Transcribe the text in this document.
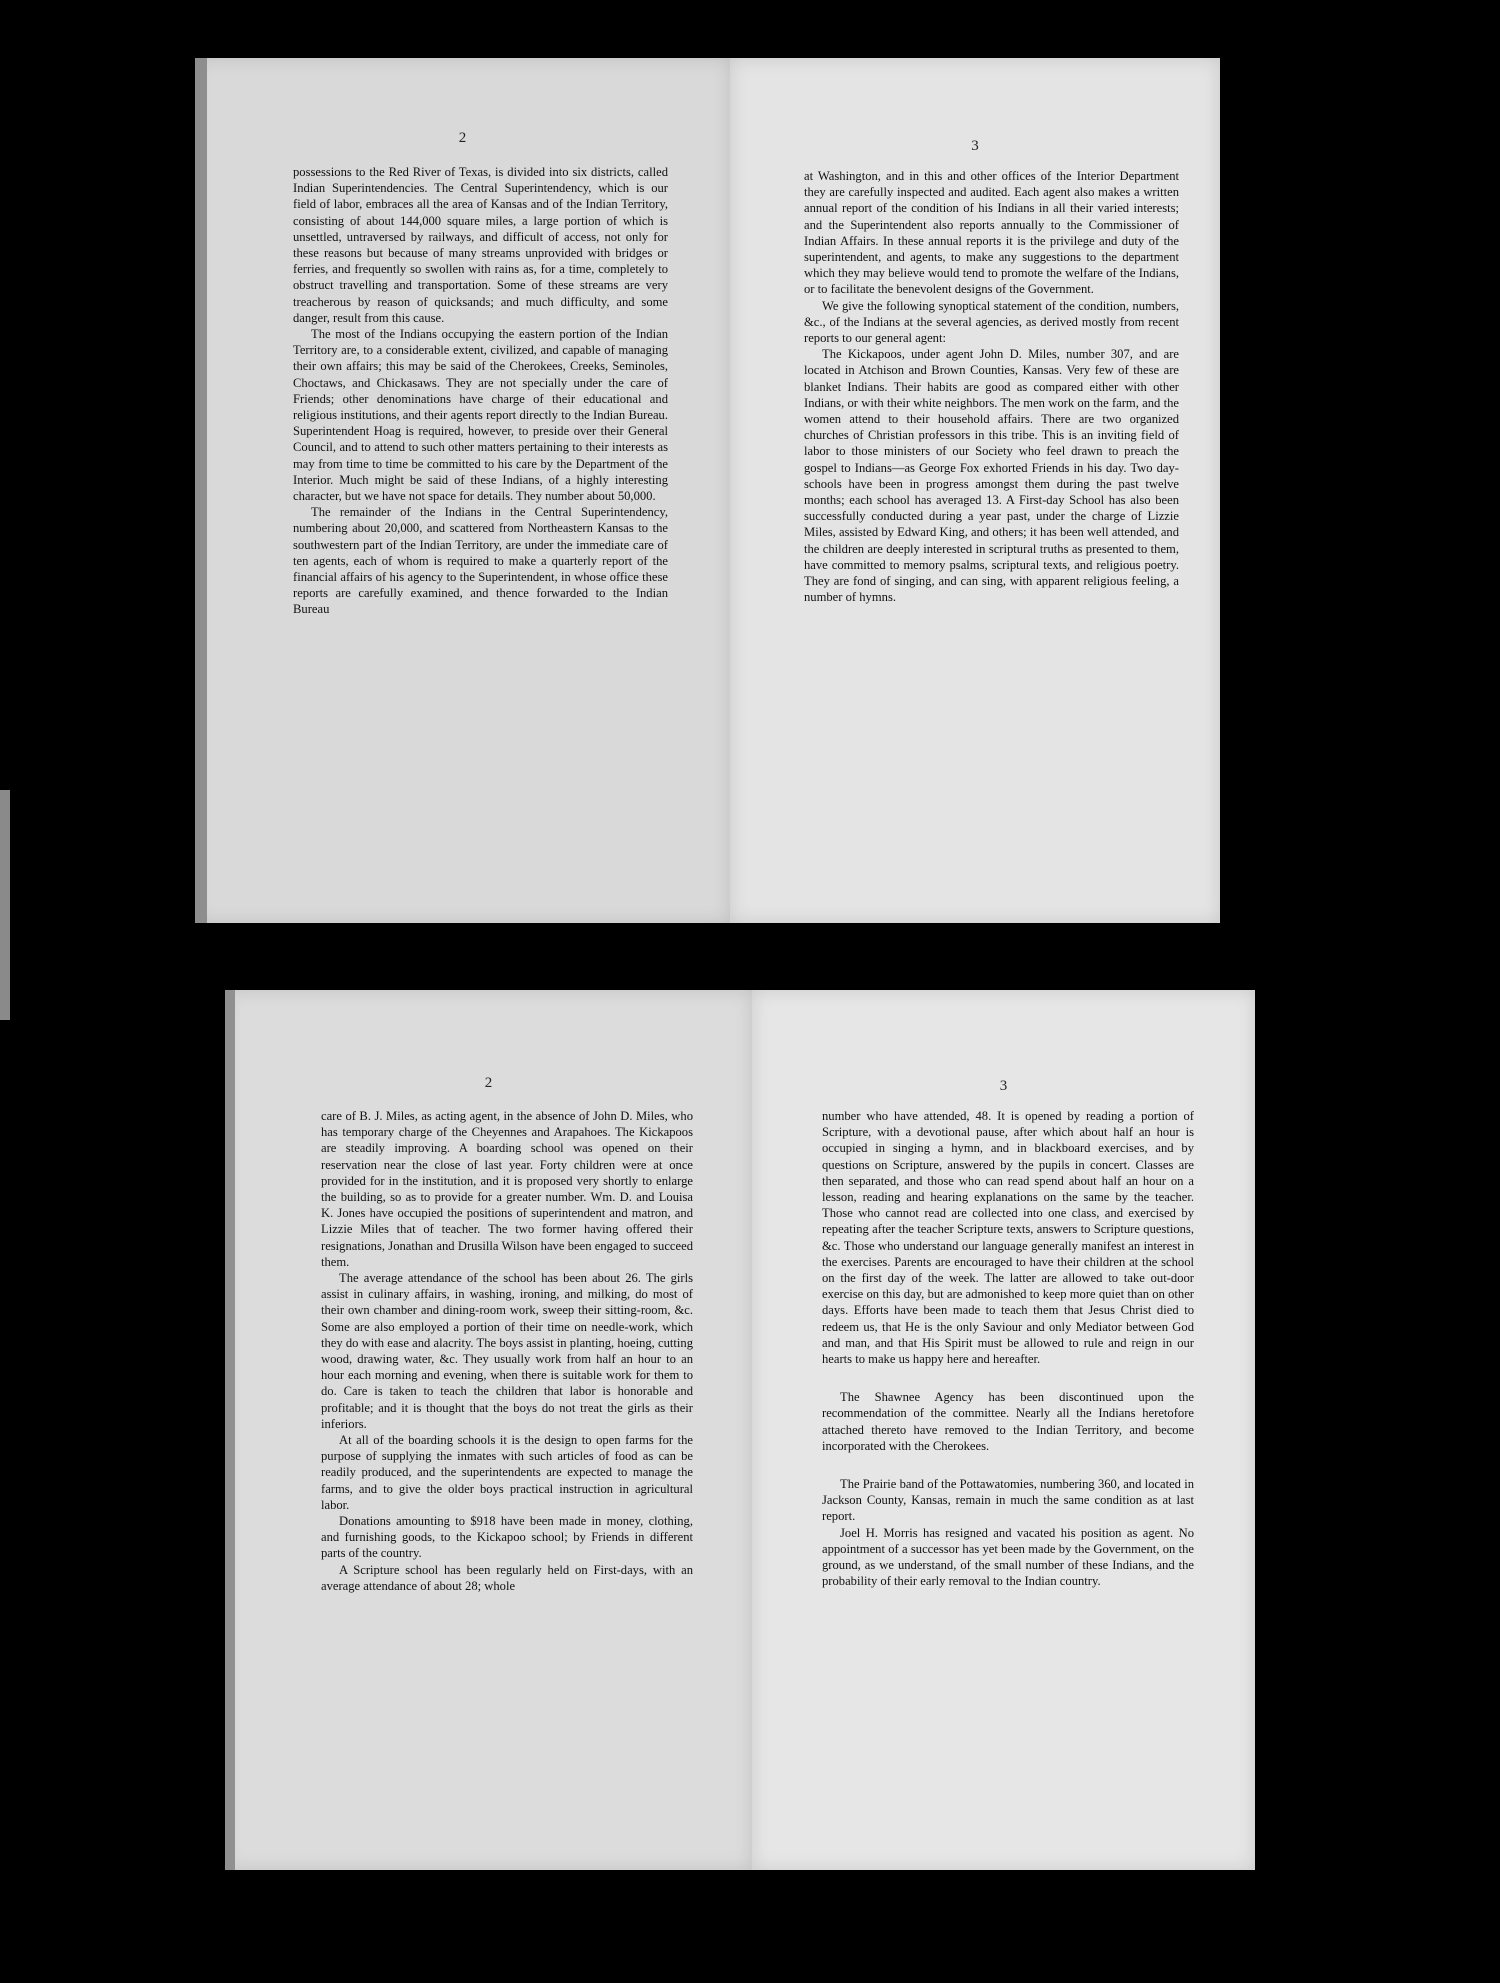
2

possessions to the Red River of Texas, is divided into six districts, called Indian Superintendencies. The Central Superintendency, which is our field of labor, embraces all the area of Kansas and of the Indian Territory, consisting of about 144,000 square miles, a large portion of which is unsettled, untraversed by railways, and difficult of access, not only for these reasons but because of many streams unprovided with bridges or ferries, and frequently so swollen with rains as, for a time, completely to obstruct travelling and transportation. Some of these streams are very treacherous by reason of quicksands; and much difficulty, and some danger, result from this cause.

The most of the Indians occupying the eastern portion of the Indian Territory are, to a considerable extent, civilized, and capable of managing their own affairs; this may be said of the Cherokees, Creeks, Seminoles, Choctaws, and Chickasaws. They are not specially under the care of Friends; other denominations have charge of their educational and religious institutions, and their agents report directly to the Indian Bureau. Superintendent Hoag is required, however, to preside over their General Council, and to attend to such other matters pertaining to their interests as may from time to time be committed to his care by the Department of the Interior. Much might be said of these Indians, of a highly interesting character, but we have not space for details. They number about 50,000.

The remainder of the Indians in the Central Superintendency, numbering about 20,000, and scattered from Northeastern Kansas to the southwestern part of the Indian Territory, are under the immediate care of ten agents, each of whom is required to make a quarterly report of the financial affairs of his agency to the Superintendent, in whose office these reports are carefully examined, and thence forwarded to the Indian Bureau

3

at Washington, and in this and other offices of the Interior Department they are carefully inspected and audited. Each agent also makes a written annual report of the condition of his Indians in all their varied interests; and the Superintendent also reports annually to the Commissioner of Indian Affairs. In these annual reports it is the privilege and duty of the superintendent, and agents, to make any suggestions to the department which they may believe would tend to promote the welfare of the Indians, or to facilitate the benevolent designs of the Government.

We give the following synoptical statement of the condition, numbers, &c., of the Indians at the several agencies, as derived mostly from recent reports to our general agent:

The Kickapoos, under agent John D. Miles, number 307, and are located in Atchison and Brown Counties, Kansas. Very few of these are blanket Indians. Their habits are good as compared either with other Indians, or with their white neighbors. The men work on the farm, and the women attend to their household affairs. There are two organized churches of Christian professors in this tribe. This is an inviting field of labor to those ministers of our Society who feel drawn to preach the gospel to Indians—as George Fox exhorted Friends in his day. Two day-schools have been in progress amongst them during the past twelve months; each school has averaged 13. A First-day School has also been successfully conducted during a year past, under the charge of Lizzie Miles, assisted by Edward King, and others; it has been well attended, and the children are deeply interested in scriptural truths as presented to them, have committed to memory psalms, scriptural texts, and religious poetry. They are fond of singing, and can sing, with apparent religious feeling, a number of hymns.

2

care of B. J. Miles, as acting agent, in the absence of John D. Miles, who has temporary charge of the Cheyennes and Arapahoes. The Kickapoos are steadily improving. A boarding school was opened on their reservation near the close of last year. Forty children were at once provided for in the institution, and it is proposed very shortly to enlarge the building, so as to provide for a greater number. Wm. D. and Louisa K. Jones have occupied the positions of superintendent and matron, and Lizzie Miles that of teacher. The two former having offered their resignations, Jonathan and Drusilla Wilson have been engaged to succeed them.

The average attendance of the school has been about 26. The girls assist in culinary affairs, in washing, ironing, and milking, do most of their own chamber and dining-room work, sweep their sitting-room, &c. Some are also employed a portion of their time on needle-work, which they do with ease and alacrity. The boys assist in planting, hoeing, cutting wood, drawing water, &c. They usually work from half an hour to an hour each morning and evening, when there is suitable work for them to do. Care is taken to teach the children that labor is honorable and profitable; and it is thought that the boys do not treat the girls as their inferiors.

At all of the boarding schools it is the design to open farms for the purpose of supplying the inmates with such articles of food as can be readily produced, and the superintendents are expected to manage the farms, and to give the older boys practical instruction in agricultural labor.

Donations amounting to $918 have been made in money, clothing, and furnishing goods, to the Kickapoo school; by Friends in different parts of the country.

A Scripture school has been regularly held on First-days, with an average attendance of about 28; whole

3

number who have attended, 48. It is opened by reading a portion of Scripture, with a devotional pause, after which about half an hour is occupied in singing a hymn, and in blackboard exercises, and by questions on Scripture, answered by the pupils in concert. Classes are then separated, and those who can read spend about half an hour on a lesson, reading and hearing explanations on the same by the teacher. Those who cannot read are collected into one class, and exercised by repeating after the teacher Scripture texts, answers to Scripture questions, &c. Those who understand our language generally manifest an interest in the exercises. Parents are encouraged to have their children at the school on the first day of the week. The latter are allowed to take out-door exercise on this day, but are admonished to keep more quiet than on other days. Efforts have been made to teach them that Jesus Christ died to redeem us, that He is the only Saviour and only Mediator between God and man, and that His Spirit must be allowed to rule and reign in our hearts to make us happy here and hereafter.

The Shawnee Agency has been discontinued upon the recommendation of the committee. Nearly all the Indians heretofore attached thereto have removed to the Indian Territory, and become incorporated with the Cherokees.

The Prairie band of the Pottawatomies, numbering 360, and located in Jackson County, Kansas, remain in much the same condition as at last report.

Joel H. Morris has resigned and vacated his position as agent. No appointment of a successor has yet been made by the Government, on the ground, as we understand, of the small number of these Indians, and the probability of their early removal to the Indian country.
